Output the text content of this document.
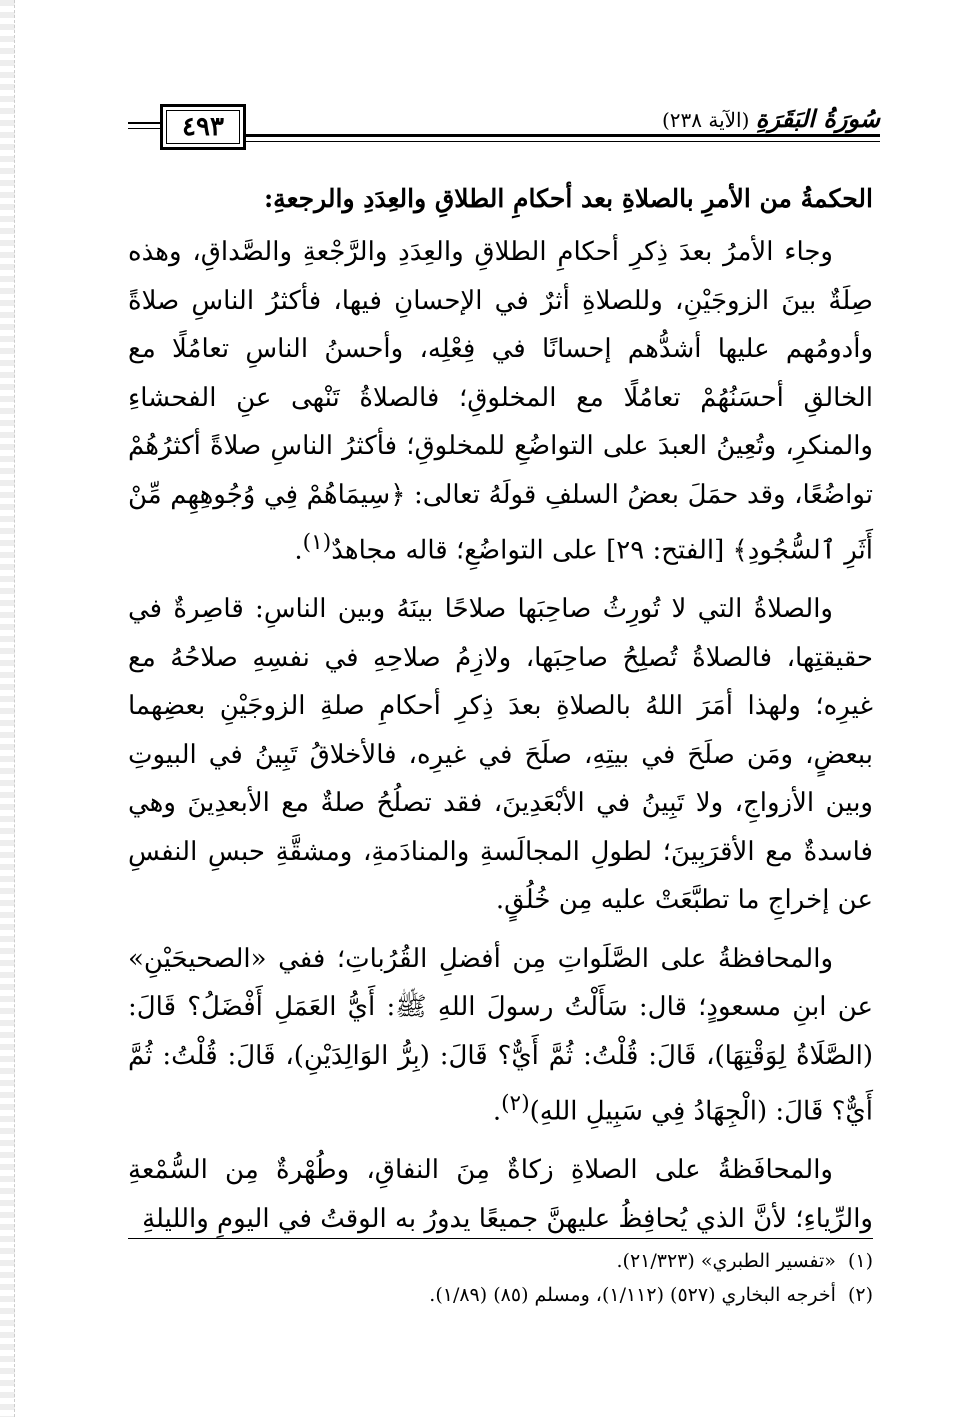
٤٩٣	سُورَةُ البَقَرَةِ (الآية ٢٣٨)

الحكمةُ من الأمرِ بالصلاةِ بعد أحكامِ الطلاقِ والعِدَدِ والرجعةِ:

وجاء الأمرُ بعدَ ذِكرِ أحكامِ الطلاقِ والعِدَدِ والرَّجْعةِ والصَّداقِ، وهذه صِلَةٌ بينَ الزوجَيْنِ، وللصلاةِ أثرٌ في الإحسانِ فيها، فأكثرُ الناسِ صلاةً وأدومُهم عليها أشدُّهم إحسانًا في فِعْلِه، وأحسنُ الناسِ تعامُلًا مع الخالقِ أحسَنُهُمْ تعامُلًا مع المخلوقِ؛ فالصلاةُ تَنْهى عنِ الفحشاءِ والمنكرِ، وتُعِينُ العبدَ على التواضُعِ للمخلوقِ؛ فأكثرُ الناسِ صلاةً أكثرُهُمْ تواضُعًا، وقد حمَلَ بعضُ السلفِ قولَهُ تعالى: ﴿سِيمَاهُمْ فِي وُجُوهِهِم مِّنْ أَثَرِ ٱلسُّجُودِ﴾ [الفتح: ٢٩] على التواضُعِ؛ قاله مجاهدٌ$^{(١)}$.

والصلاةُ التي لا تُورِثُ صاحِبَها صلاحًا بينَهُ وبين الناسِ: قاصِرةٌ في حقيقتِها، فالصلاةُ تُصلِحُ صاحِبَها، ولازِمُ صلاحِهِ في نفسِهِ صلاحُهُ مع غيرِه؛ ولهذا أمَرَ اللهُ بالصلاةِ بعدَ ذِكرِ أحكامِ صلةِ الزوجَيْنِ بعضِهما ببعضٍ، ومَن صلَحَ في بيتِهِ، صلَحَ في غيرِه، فالأخلاقُ تَبِينُ في البيوتِ وبين الأزواجِ، ولا تَبِينُ في الأبْعَدِينَ، فقد تصلُحُ صلةٌ مع الأبعدِينَ وهي فاسدةٌ مع الأقرَبِينَ؛ لطولِ المجالَسةِ والمنادَمةِ، ومشقَّةِ حبسِ النفسِ عن إخراجِ ما تطبَّعَتْ عليه مِن خُلُقٍ.

والمحافظةُ على الصَّلَواتِ مِن أفضلِ القُرُباتِ؛ ففي «الصحيحَيْنِ» عن ابنِ مسعودٍ؛ قال: سَأَلْتُ رسولَ اللهِ ﷺ: أَيُّ العَمَلِ أَفْضَلُ؟ قَالَ: (الصَّلَاةُ لِوَقْتِهَا)، قَالَ: قُلْتُ: ثُمَّ أَيٌّ؟ قَالَ: (بِرُّ الوَالِدَيْنِ)، قَالَ: قُلْتُ: ثُمَّ أَيٌّ؟ قَالَ: (الْجِهَادُ فِي سَبِيلِ اللهِ)$^{(٢)}$.

والمحافَظةُ على الصلاةِ زكاةٌ مِنَ النفاقِ، وطُهْرةٌ مِن السُّمْعةِ والرِّياءِ؛ لأنَّ الذي يُحافِظُ عليهنَّ جميعًا يدورُ به الوقتُ في اليومِ والليلةِ

(١)«تفسير الطبري» (٢١/٣٢٣).

(٢)أخرجه البخاري (٥٢٧) (١/١١٢)، ومسلم (٨٥) (١/٨٩).
